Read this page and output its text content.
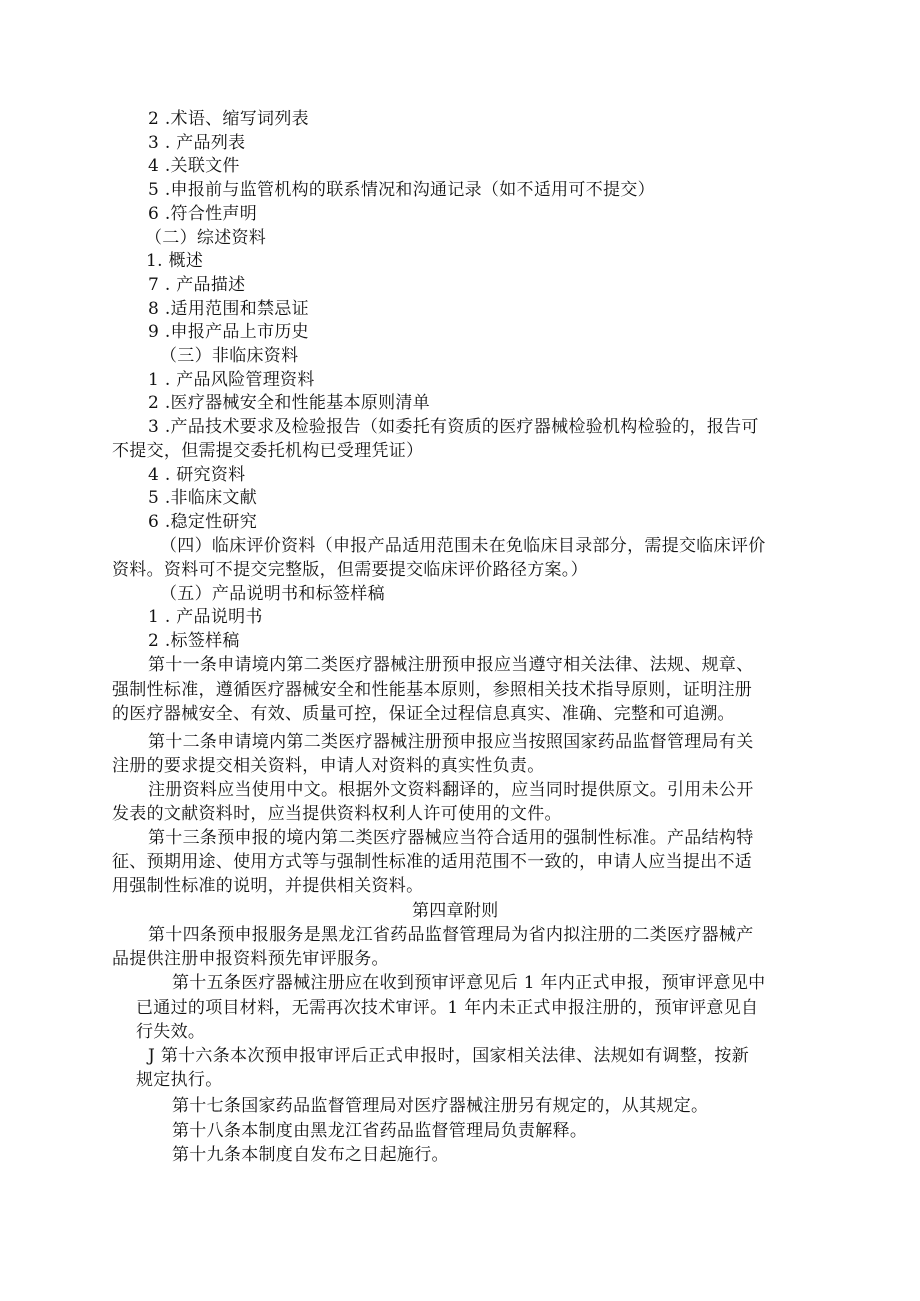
2 .术语、缩写词列表
3 . 产品列表
4 .关联文件
5 .申报前与监管机构的联系情况和沟通记录（如不适用可不提交）
6 .符合性声明
（二）综述资料
1. 概述
7 . 产品描述
8 .适用范围和禁忌证
9 .申报产品上市历史
（三）非临床资料
1 . 产品风险管理资料
2 .医疗器械安全和性能基本原则清单
3 .产品技术要求及检验报告（如委托有资质的医疗器械检验机构检验的，报告可
不提交，但需提交委托机构已受理凭证）
4 . 研究资料
5 .非临床文献
6 .稳定性研究
（四）临床评价资料（申报产品适用范围未在免临床目录部分，需提交临床评价
资料。资料可不提交完整版，但需要提交临床评价路径方案。）
（五）产品说明书和标签样稿
1 . 产品说明书
2 .标签样稿
第十一条申请境内第二类医疗器械注册预申报应当遵守相关法律、法规、规章、
强制性标准，遵循医疗器械安全和性能基本原则，参照相关技术指导原则，证明注册
的医疗器械安全、有效、质量可控，保证全过程信息真实、准确、完整和可追溯。
第十二条申请境内第二类医疗器械注册预申报应当按照国家药品监督管理局有关
注册的要求提交相关资料，申请人对资料的真实性负责。
注册资料应当使用中文。根据外文资料翻译的，应当同时提供原文。引用未公开
发表的文献资料时，应当提供资料权利人许可使用的文件。
第十三条预申报的境内第二类医疗器械应当符合适用的强制性标准。产品结构特
征、预期用途、使用方式等与强制性标准的适用范围不一致的，申请人应当提出不适
用强制性标准的说明，并提供相关资料。
第四章附则
第十四条预申报服务是黑龙江省药品监督管理局为省内拟注册的二类医疗器械产
品提供注册申报资料预先审评服务。
第十五条医疗器械注册应在收到预审评意见后 1 年内正式申报，预审评意见中
已通过的项目材料，无需再次技术审评。1 年内未正式申报注册的，预审评意见自
行失效。
J 第十六条本次预申报审评后正式申报时，国家相关法律、法规如有调整，按新
规定执行。
第十七条国家药品监督管理局对医疗器械注册另有规定的，从其规定。
第十八条本制度由黑龙江省药品监督管理局负责解释。
第十九条本制度自发布之日起施行。
